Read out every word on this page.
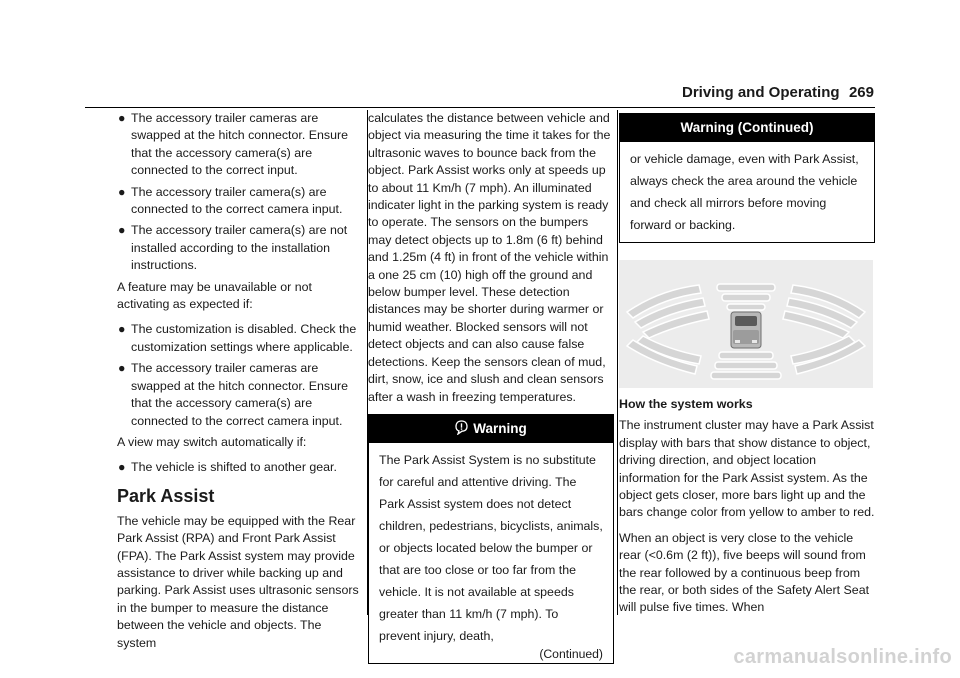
Driving and Operating 269
● The accessory trailer cameras are swapped at the hitch connector. Ensure that the accessory camera(s) are connected to the correct input.
● The accessory trailer camera(s) are connected to the correct camera input.
● The accessory trailer camera(s) are not installed according to the installation instructions.

A feature may be unavailable or not activating as expected if:

● The customization is disabled. Check the customization settings where applicable.
● The accessory trailer cameras are swapped at the hitch connector. Ensure that the accessory camera(s) are connected to the correct camera input.

A view may switch automatically if:

● The vehicle is shifted to another gear.
Park Assist

The vehicle may be equipped with the Rear Park Assist (RPA) and Front Park Assist (FPA). The Park Assist system may provide assistance to driver while backing up and parking. Park Assist uses ultrasonic sensors in the bumper to measure the distance between the vehicle and objects. The system

calculates the distance between vehicle and object via measuring the time it takes for the ultrasonic waves to bounce back from the object. Park Assist works only at speeds up to about 11 Km/h (7 mph). An illuminated indicater light in the parking system is ready to operate. The sensors on the bumpers may detect objects up to 1.8m (6 ft) behind and 1.25m (4 ft) in front of the vehicle within a one 25 cm (10) high off the ground and below bumper level. These detection distances may be shorter during warmer or humid weather. Blocked sensors will not detect objects and can also cause false detections. Keep the sensors clean of mud, dirt, snow, ice and slush and clean sensors after a wash in freezing temperatures.

Warning
The Park Assist System is no substitute for careful and attentive driving. The Park Assist system does not detect children, pedestrians, bicyclists, animals, or objects located below the bumper or that are too close or too far from the vehicle. It is not available at speeds greater than 11 km/h (7 mph). To prevent injury, death,
(Continued)
Warning (Continued)
or vehicle damage, even with Park Assist, always check the area around the vehicle and check all mirrors before moving forward or backing.
How the system works

The instrument cluster may have a Park Assist display with bars that show distance to object, driving direction, and object location information for the Park Assist system. As the object gets closer, more bars light up and the bars change color from yellow to amber to red.

When an object is very close to the vehicle rear (<0.6m (2 ft)), five beeps will sound from the rear followed by a continuous beep from the rear, or both sides of the Safety Alert Seat will pulse five times. When

carmanualsonline.info
